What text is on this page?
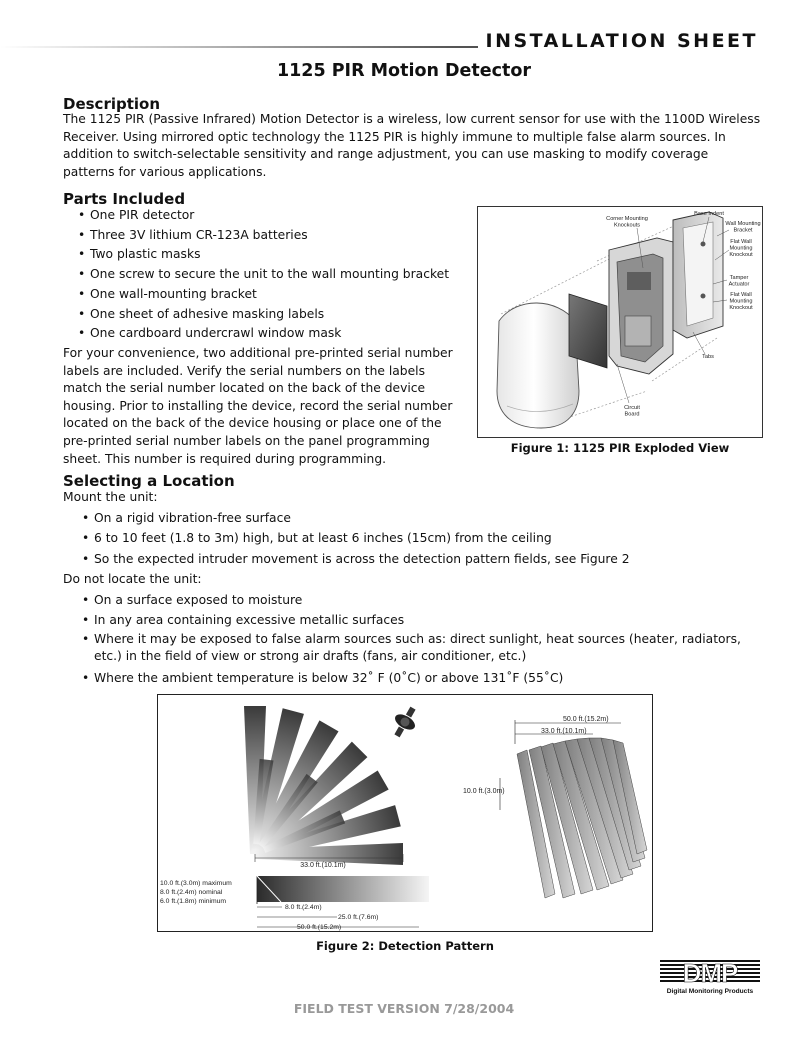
INSTALLATION SHEET
1125 PIR Motion Detector
Description

The 1125 PIR (Passive Infrared) Motion Detector is a wireless, low current sensor for use with the 1100D Wireless Receiver. Using mirrored optic technology the 1125 PIR is highly immune to multiple false alarm sources. In addition to switch-selectable sensitivity and range adjustment, you can use masking to modify coverage patterns for various applications.

Parts Included
• One PIR detector
• Three 3V lithium CR-123A batteries
• Two plastic masks
• One screw to secure the unit to the wall mounting bracket
• One wall-mounting bracket
• One sheet of adhesive masking labels
• One cardboard undercrawl window mask

For your convenience, two additional pre-printed serial number labels are included. Verify the serial numbers on the labels match the serial number located on the back of the device housing. Prior to installing the device, record the serial number located on the back of the device housing or place one of the pre-printed serial number labels on the panel programming sheet. This number is required during programming.

Base Indent
Corner Mounting Knockouts	Wall Mounting Bracket
Flat Wall Mounting Knockout
Tamper Actuator
Flat Wall Mounting Knockout
Tabs
Circuit Board
Figure 1: 1125 PIR Exploded View
Selecting a Location

Mount the unit:

• On a rigid vibration-free surface
• 6 to 10 feet (1.8 to 3m) high, but at least 6 inches (15cm) from the ceiling
• So the expected intruder movement is across the detection pattern fields, see Figure 2

Do not locate the unit:

• On a surface exposed to moisture
• In any area containing excessive metallic surfaces
• Where it may be exposed to false alarm sources such as: direct sunlight, heat sources (heater, radiators, etc.) in the field of view or strong air drafts (fans, air conditioner, etc.)
• Where the ambient temperature is below 32˚ F (0˚C) or above 131˚F (55˚C)
33.0 ft.(10.1m)
10.0 ft.(3.0m) maximum
8.0 ft.(2.4m) nominal
6.0 ft.(1.8m) minimum
8.0 ft.(2.4m)
25.0 ft.(7.6m)
50.0 ft.(15.2m)
50.0 ft.(15.2m)
33.0 ft.(10.1m)
10.0 ft.(3.0m)
Figure 2: Detection Pattern
DMP
Digital Monitoring Products
FIELD TEST VERSION 7/28/2004
